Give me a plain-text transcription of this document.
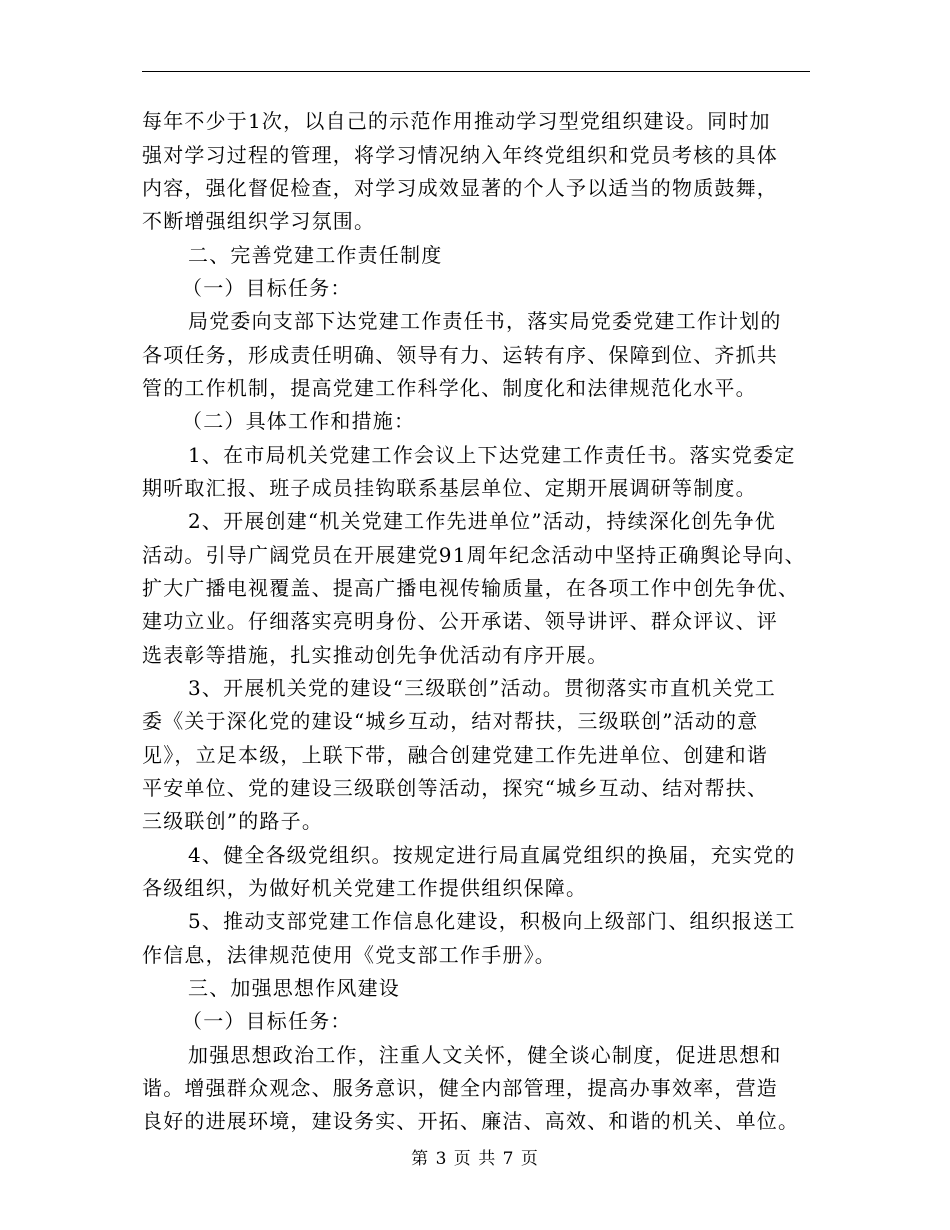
每年不少于1次，以自己的示范作用推动学习型党组织建设。同时加
强对学习过程的管理，将学习情况纳入年终党组织和党员考核的具体
内容，强化督促检查，对学习成效显著的个人予以适当的物质鼓舞，
不断增强组织学习氛围。
二、完善党建工作责任制度
（一）目标任务：
局党委向支部下达党建工作责任书，落实局党委党建工作计划的
各项任务，形成责任明确、领导有力、运转有序、保障到位、齐抓共
管的工作机制，提高党建工作科学化、制度化和法律规范化水平。
（二）具体工作和措施：
1、在市局机关党建工作会议上下达党建工作责任书。落实党委定
期听取汇报、班子成员挂钩联系基层单位、定期开展调研等制度。
2、开展创建“机关党建工作先进单位”活动，持续深化创先争优
活动。引导广阔党员在开展建党91周年纪念活动中坚持正确舆论导向、
扩大广播电视覆盖、提高广播电视传输质量，在各项工作中创先争优、
建功立业。仔细落实亮明身份、公开承诺、领导讲评、群众评议、评
选表彰等措施，扎实推动创先争优活动有序开展。
3、开展机关党的建设“三级联创”活动。贯彻落实市直机关党工
委《关于深化党的建设“城乡互动，结对帮扶，三级联创”活动的意
见》，立足本级，上联下带，融合创建党建工作先进单位、创建和谐
平安单位、党的建设三级联创等活动，探究“城乡互动、结对帮扶、
三级联创”的路子。
4、健全各级党组织。按规定进行局直属党组织的换届，充实党的
各级组织，为做好机关党建工作提供组织保障。
5、推动支部党建工作信息化建设，积极向上级部门、组织报送工
作信息，法律规范使用《党支部工作手册》。
三、加强思想作风建设
（一）目标任务：
加强思想政治工作，注重人文关怀，健全谈心制度，促进思想和
谐。增强群众观念、服务意识，健全内部管理，提高办事效率，营造
良好的进展环境，建设务实、开拓、廉洁、高效、和谐的机关、单位。
第 3 页 共 7 页
